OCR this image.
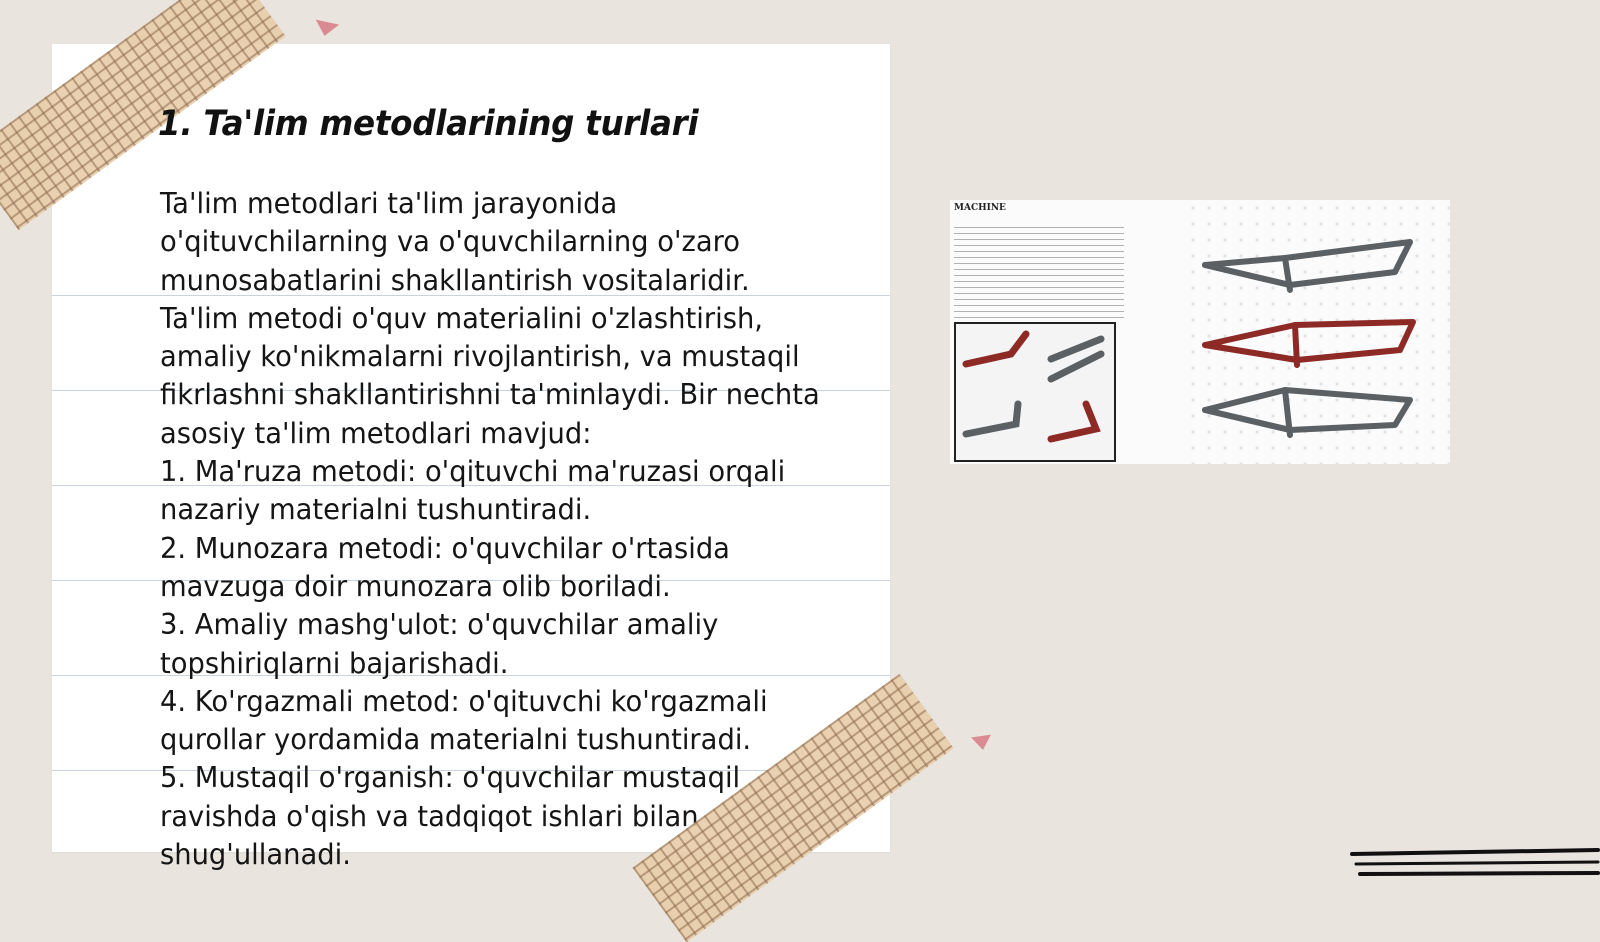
1. Ta'lim metodlarining turlari
Ta'lim metodlari ta'lim jarayonida o'qituvchilarning va o'quvchilarning o'zaro munosabatlarini shakllantirish vositalaridir. Ta'lim metodi o'quv materialini o'zlashtirish, amaliy ko'nikmalarni rivojlantirish, va mustaqil fikrlashni shakllantirishni ta'minlaydi. Bir nechta asosiy ta'lim metodlari mavjud:
1. Ma'ruza metodi: o'qituvchi ma'ruzasi orqali nazariy materialni tushuntiradi.
2. Munozara metodi: o'quvchilar o'rtasida mavzuga doir munozara olib boriladi.
3. Amaliy mashg'ulot: o'quvchilar amaliy topshiriqlarni bajarishadi.
4. Ko'rgazmali metod: o'qituvchi ko'rgazmali qurollar yordamida materialni tushuntiradi.
5. Mustaqil o'rganish: o'quvchilar mustaqil ravishda o'qish va tadqiqot ishlari bilan shug'ullanadi.
MACHINE
